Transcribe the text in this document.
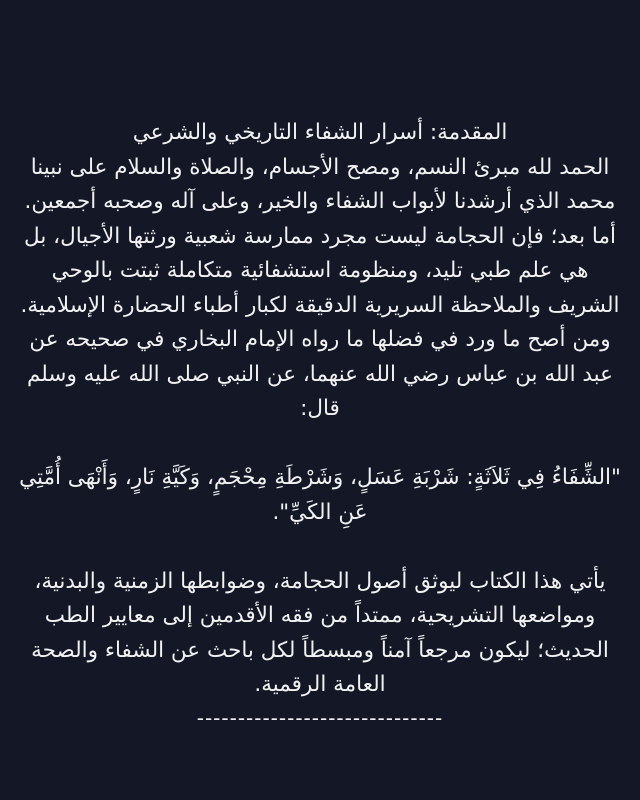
المقدمة: أسرار الشفاء التاريخي والشرعي

الحمد لله مبرئ النسم، ومصح الأجسام، والصلاة والسلام على نبينا محمد الذي أرشدنا لأبواب الشفاء والخير، وعلى آله وصحبه أجمعين.

أما بعد؛ فإن الحجامة ليست مجرد ممارسة شعبية ورثتها الأجيال، بل هي علم طبي تليد، ومنظومة استشفائية متكاملة ثبتت بالوحي الشريف والملاحظة السريرية الدقيقة لكبار أطباء الحضارة الإسلامية. ومن أصح ما ورد في فضلها ما رواه الإمام البخاري في صحيحه عن عبد الله بن عباس رضي الله عنهما، عن النبي صلى الله عليه وسلم قال:

"الشِّفَاءُ فِي ثَلاَثَةٍ: شَرْبَةِ عَسَلٍ، وَشَرْطَةِ مِحْجَمٍ، وَكَيَّةِ نَارٍ، وَأَنْهَى أُمَّتِي عَنِ الكَيِّ".

يأتي هذا الكتاب ليوثق أصول الحجامة، وضوابطها الزمنية والبدنية، ومواضعها التشريحية، ممتداً من فقه الأقدمين إلى معايير الطب الحديث؛ ليكون مرجعاً آمناً ومبسطاً لكل باحث عن الشفاء والصحة العامة الرقمية.

------------------------------
